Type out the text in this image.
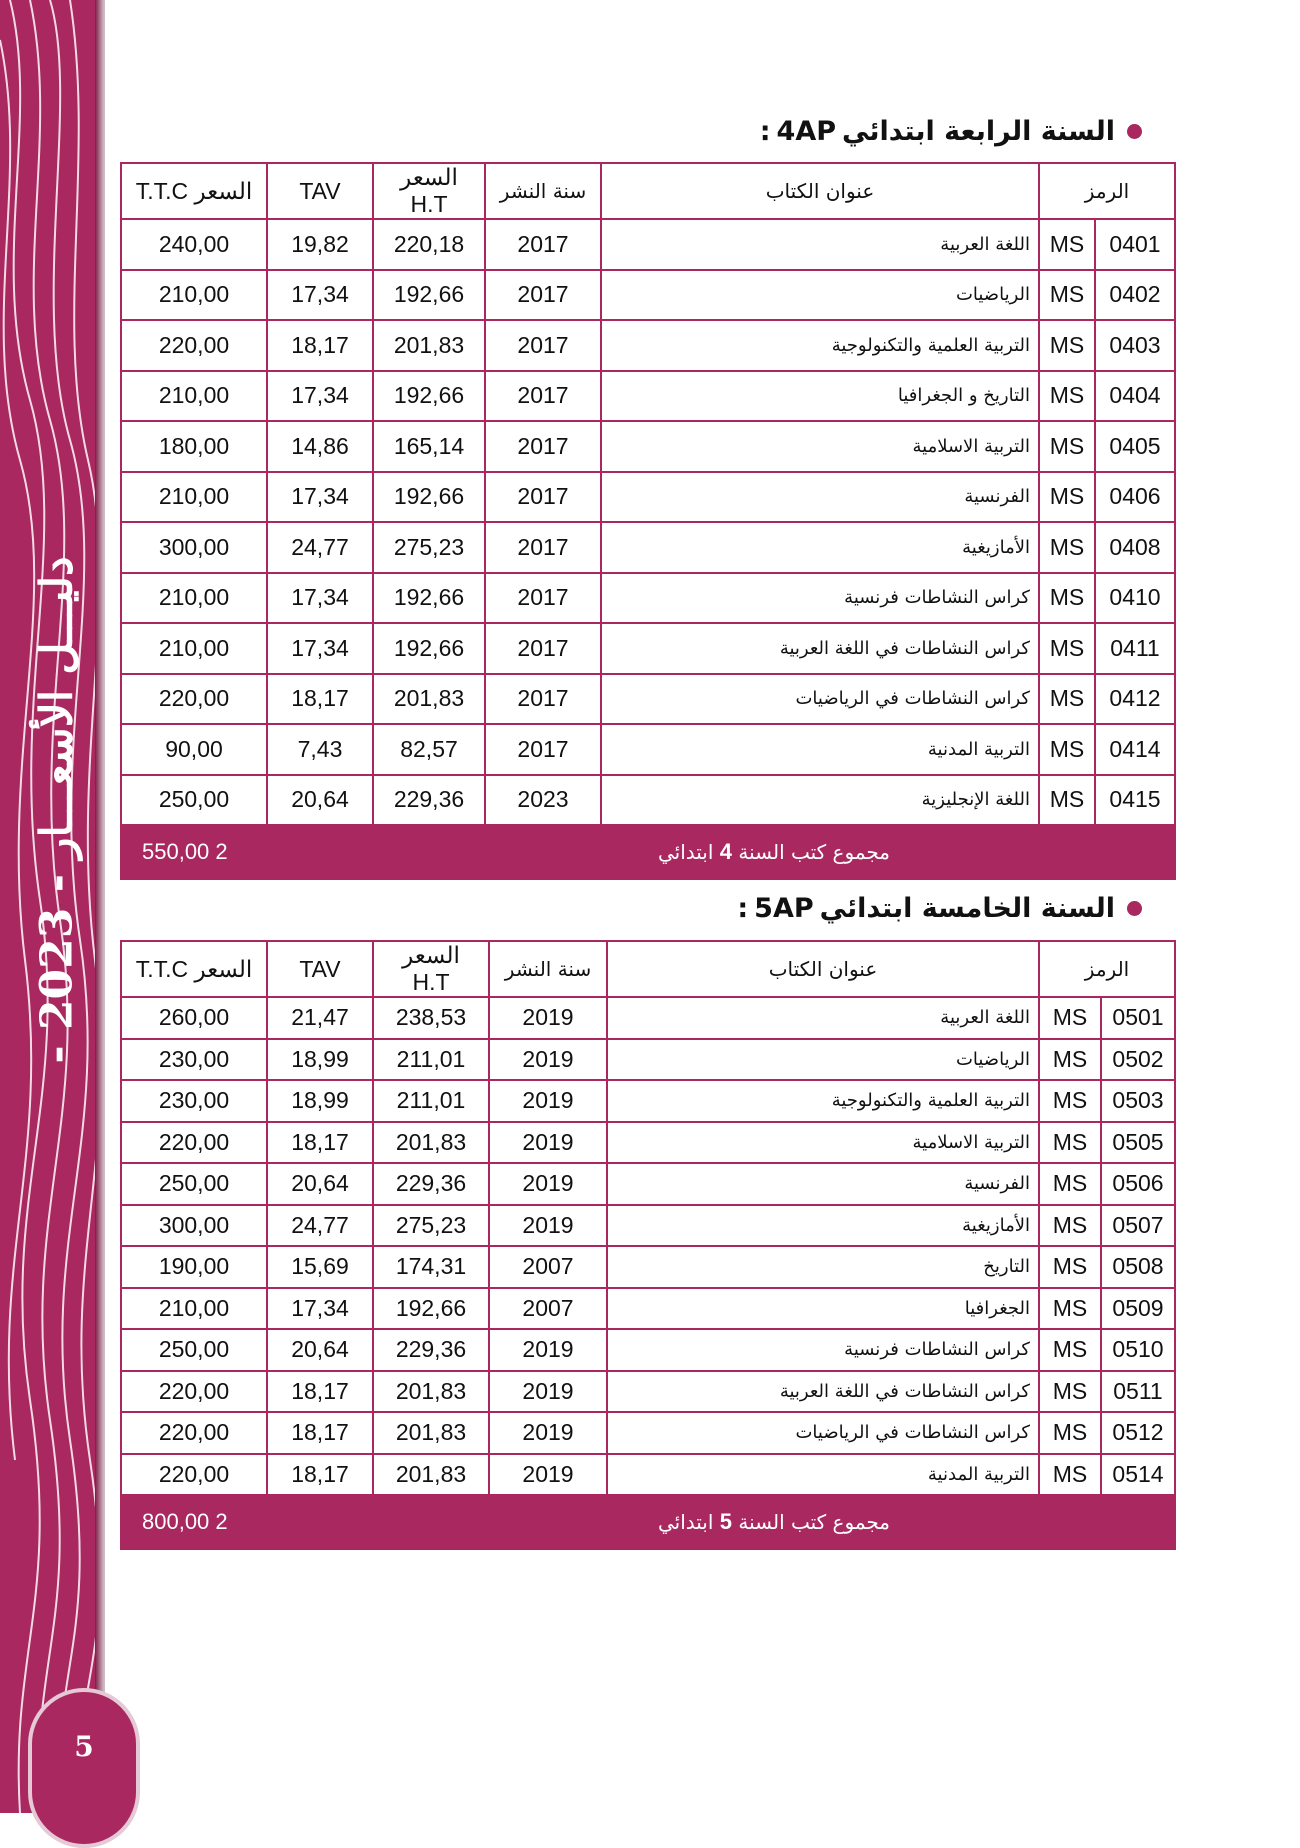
دليـــل الأسعـــار - 2023 -
5
السنة الرابعة ابتدائي
4AP
:
الرمز		عنوان الكتاب	سنة النشر	السعر H.T	TAV	السعر T.T.C
0401	MS	اللغة العربية	2017	220,18	19,82	240,00
0402	MS	الرياضيات	2017	192,66	17,34	210,00
0403	MS	التربية العلمية والتكنولوجية	2017	201,83	18,17	220,00
0404	MS	التاريخ و الجغرافيا	2017	192,66	17,34	210,00
0405	MS	التربية الاسلامية	2017	165,14	14,86	180,00
0406	MS	الفرنسية	2017	192,66	17,34	210,00
0408	MS	الأمازيغية	2017	275,23	24,77	300,00
0410	MS	كراس النشاطات فرنسية	2017	192,66	17,34	210,00
0411	MS	كراس النشاطات في اللغة العربية	2017	192,66	17,34	210,00
0412	MS	كراس النشاطات في الرياضيات	2017	201,83	18,17	220,00
0414	MS	التربية المدنية	2017	82,57	7,43	90,00
0415	MS	اللغة الإنجليزية	2023	229,36	20,64	250,00
مجموع كتب السنة 4 ابتدائي					2 550,00	
السنة الخامسة ابتدائي
5AP
:
الرمز		عنوان الكتاب	سنة النشر	السعر H.T	TAV	السعر T.T.C
0501	MS	اللغة العربية	2019	238,53	21,47	260,00
0502	MS	الرياضيات	2019	211,01	18,99	230,00
0503	MS	التربية العلمية والتكنولوجية	2019	211,01	18,99	230,00
0505	MS	التربية الاسلامية	2019	201,83	18,17	220,00
0506	MS	الفرنسية	2019	229,36	20,64	250,00
0507	MS	الأمازيغية	2019	275,23	24,77	300,00
0508	MS	التاريخ	2007	174,31	15,69	190,00
0509	MS	الجغرافيا	2007	192,66	17,34	210,00
0510	MS	كراس النشاطات فرنسية	2019	229,36	20,64	250,00
0511	MS	كراس النشاطات في اللغة العربية	2019	201,83	18,17	220,00
0512	MS	كراس النشاطات في الرياضيات	2019	201,83	18,17	220,00
0514	MS	التربية المدنية	2019	201,83	18,17	220,00
مجموع كتب السنة 5 ابتدائي					2 800,00	
